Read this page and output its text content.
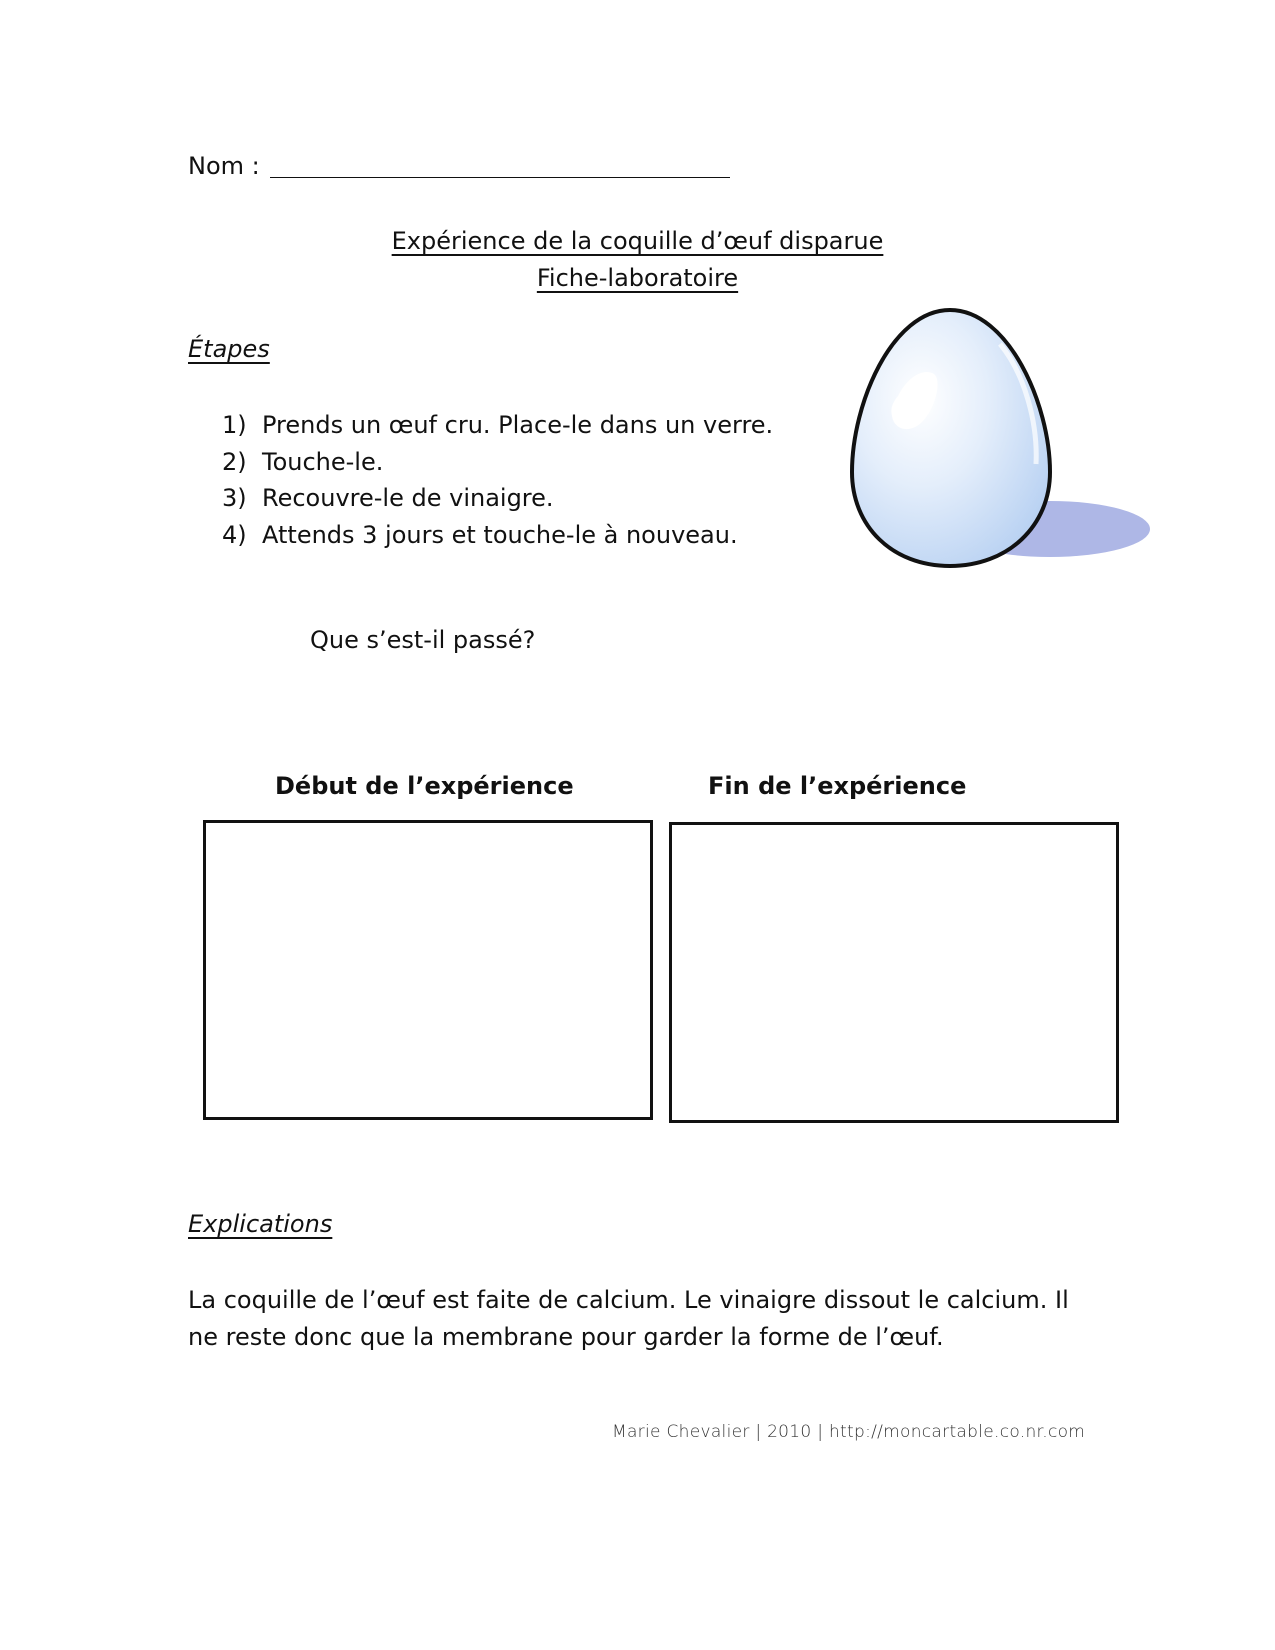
Nom :
Expérience de la coquille d’œuf disparue
Fiche-laboratoire
Étapes
1) Prends un œuf cru. Place-le dans un verre.
2) Touche-le.
3) Recouvre-le de vinaigre.
4) Attends 3 jours et touche-le à nouveau.
Que s’est-il passé?
Début de l’expérience	Fin de l’expérience
Explications

La coquille de l’œuf est faite de calcium. Le vinaigre dissout le calcium. Il

ne reste donc que la membrane pour garder la forme de l’œuf.

Marie Chevalier | 2010 | http://moncartable.co.nr.com
